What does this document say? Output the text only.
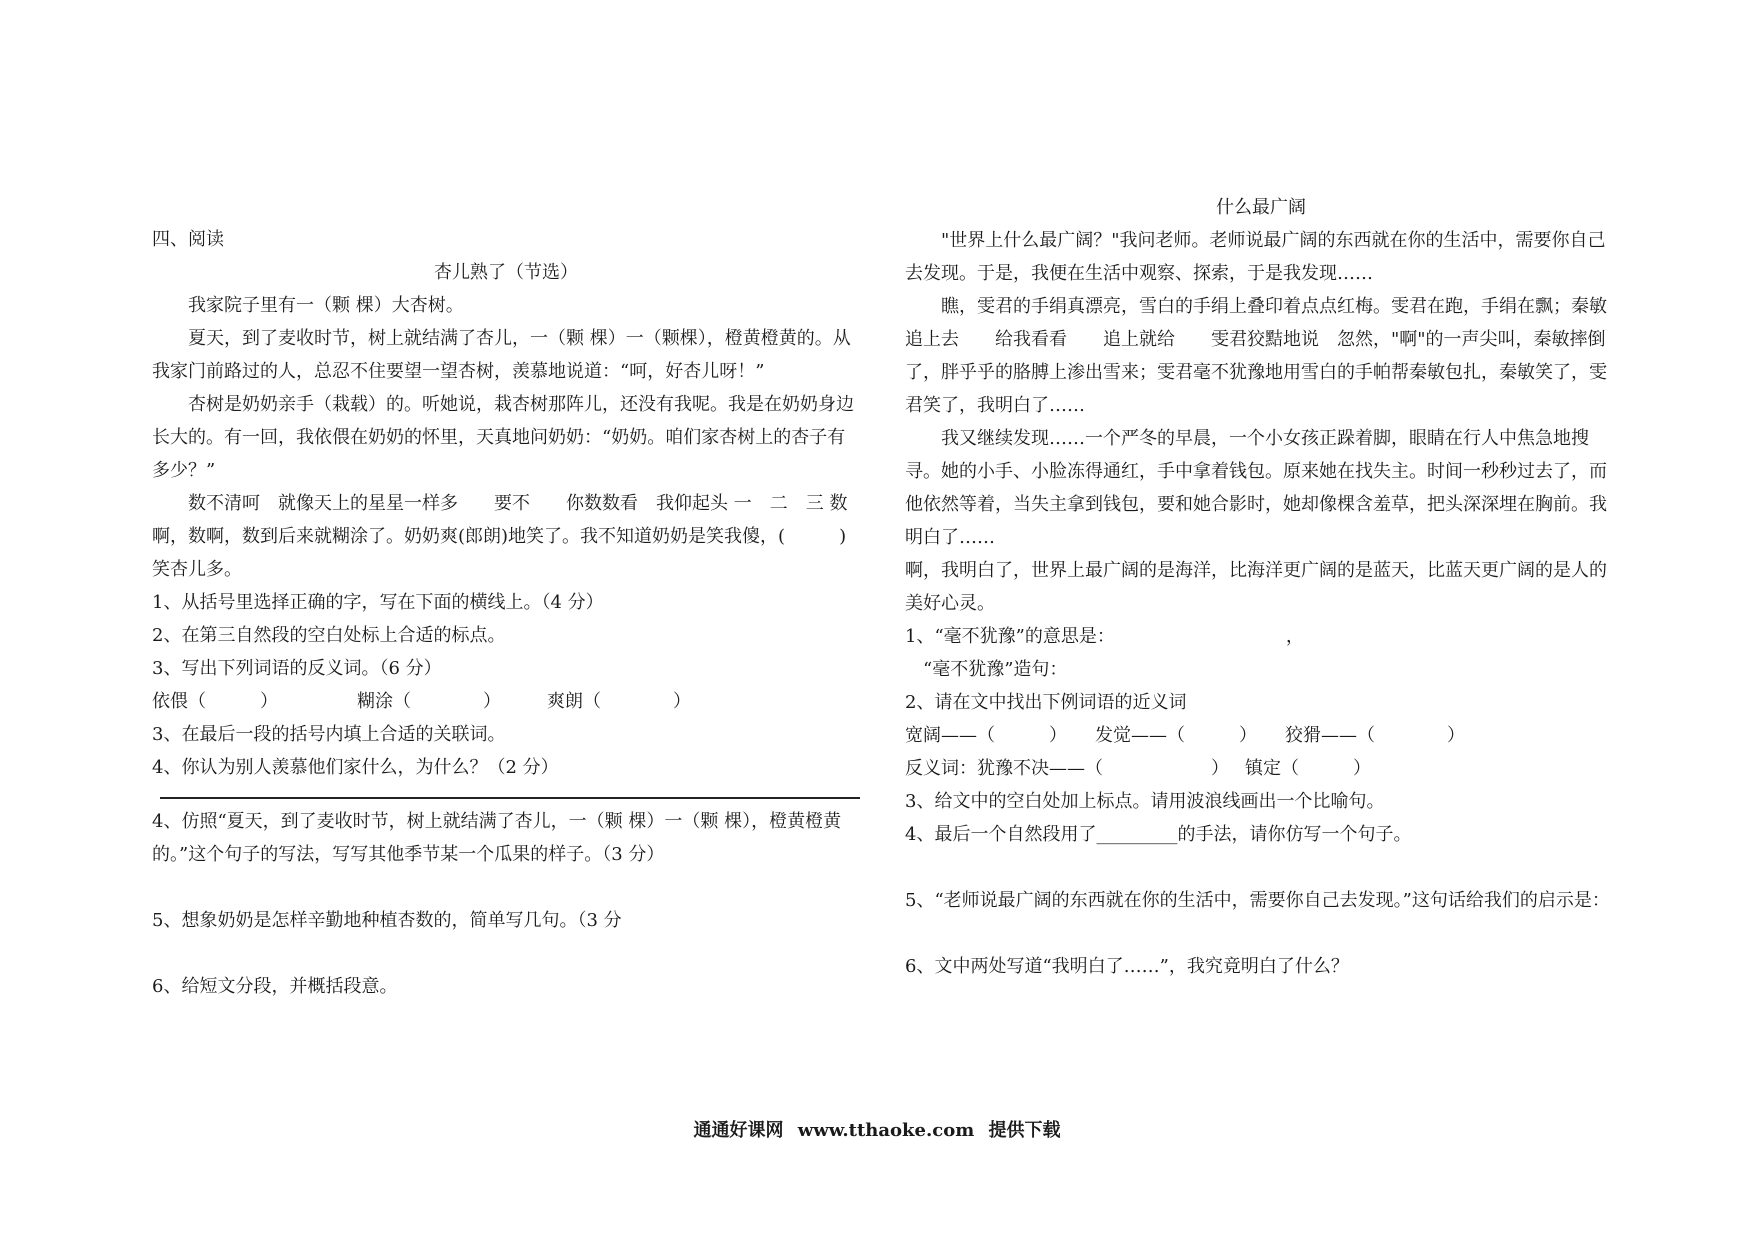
四、阅读

杏儿熟了（节选）

我家院子里有一（颗 棵）大杏树。

夏天，到了麦收时节，树上就结满了杏儿，一（颗 棵）一（颗棵），橙黄橙黄的。从我家门前路过的人，总忍不住要望一望杏树，羡慕地说道：“呵，好杏儿呀！”

杏树是奶奶亲手（栽载）的。听她说，栽杏树那阵儿，还没有我呢。我是在奶奶身边长大的。有一回，我依偎在奶奶的怀里，天真地问奶奶：“奶奶。咱们家杏树上的杏子有多少？”

数不清呵　就像天上的星星一样多　　要不　　你数数看　我仰起头 一　二　三 数啊，数啊，数到后来就糊涂了。奶奶爽(郎朗)地笑了。我不知道奶奶是笑我傻，(　　　) 笑杏儿多。

1、从括号里选择正确的字，写在下面的横线上。（4 分）

2、在第三自然段的空白处标上合适的标点。

3、写出下列词语的反义词。（6 分）

依偎（　　　）	糊涂（　　　　）	爽朗（　　　　）

3、在最后一段的括号内填上合适的关联词。

4、你认为别人羡慕他们家什么，为什么？（2 分）

4、仿照“夏天，到了麦收时节，树上就结满了杏儿，一（颗 棵）一（颗 棵），橙黄橙黄的。”这个句子的写法，写写其他季节某一个瓜果的样子。（3 分）

5、想象奶奶是怎样辛勤地种植杏数的，简单写几句。（3 分

6、给短文分段，并概括段意。

什么最广阔

"世界上什么最广阔？"我问老师。老师说最广阔的东西就在你的生活中，需要你自己去发现。于是，我便在生活中观察、探索，于是我发现……

瞧，雯君的手绢真漂亮，雪白的手绢上叠印着点点红梅。雯君在跑，手绢在飘；秦敏追上去　　给我看看　　追上就给　　雯君狡黠地说　忽然，"啊"的一声尖叫，秦敏摔倒了，胖乎乎的胳膊上渗出雪来；雯君毫不犹豫地用雪白的手帕帮秦敏包扎，秦敏笑了，雯君笑了，我明白了……

我又继续发现……一个严冬的早晨，一个小女孩正跺着脚，眼睛在行人中焦急地搜寻。她的小手、小脸冻得通红，手中拿着钱包。原来她在找失主。时间一秒秒过去了，而他依然等着，当失主拿到钱包，要和她合影时，她却像棵含羞草，把头深深埋在胸前。我明白了……

啊，我明白了，世界上最广阔的是海洋，比海洋更广阔的是蓝天，比蓝天更广阔的是人的美好心灵。

1、“毫不犹豫”的意思是：　　　　　　　　　　，

“毫不犹豫”造句：

2、请在文中找出下例词语的近义词

宽阔——（　　　） 发觉——（　　　） 狡猾——（　　　　）

反义词：犹豫不决——（　　　　　　） 镇定（　　　）

3、给文中的空白处加上标点。请用波浪线画出一个比喻句。

4、最后一个自然段用了_________的手法，请你仿写一个句子。

5、“老师说最广阔的东西就在你的生活中，需要你自己去发现。”这句话给我们的启示是：

6、文中两处写道“我明白了……”，我究竟明白了什么？

通通好课网 www.tthaoke.com 提供下载
